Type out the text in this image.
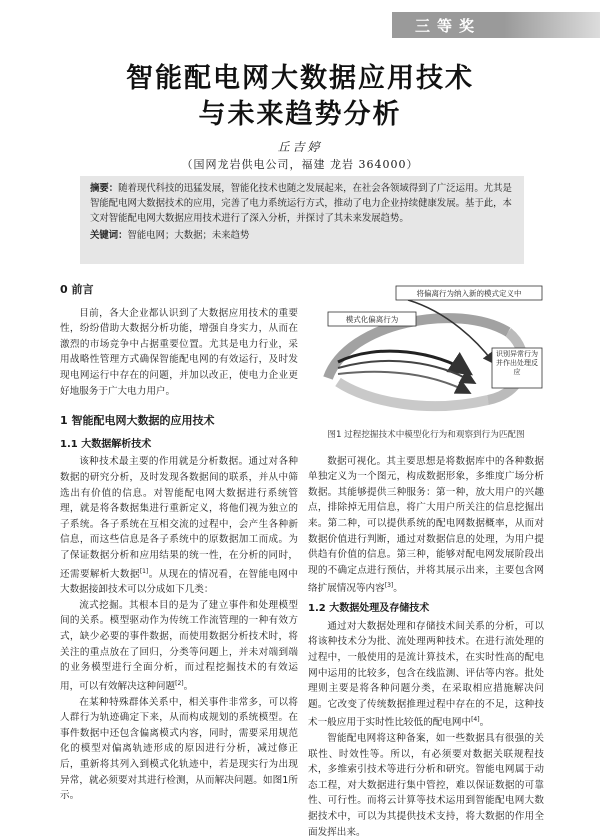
三等奖
智能配电网大数据应用技术
与未来趋势分析
丘吉婷
（国网龙岩供电公司，福建 龙岩 364000）
摘要：随着现代科技的迅猛发展，智能化技术也随之发展起来，在社会各领域得到了广泛运用。尤其是智能配电网大数据技术的应用，完善了电力系统运行方式，推动了电力企业持续健康发展。基于此，本文对智能配电网大数据应用技术进行了深入分析，并探讨了其未来发展趋势。
关键词：智能电网；大数据；未来趋势
0 前言
目前，各大企业都认识到了大数据应用技术的重要性，纷纷借助大数据分析功能，增强自身实力，从而在激烈的市场竞争中占据重要位置。尤其是电力行业，采用战略性管理方式确保智能配电网的有效运行，及时发现电网运行中存在的问题，并加以改正，使电力企业更好地服务于广大电力用户。
1 智能配电网大数据的应用技术
1.1 大数据解析技术
该种技术最主要的作用就是分析数据。通过对各种数据的研究分析，及时发现各数据间的联系，并从中筛选出有价值的信息。对智能配电网大数据进行系统管理，就是将各数据集进行重新定义，将他们视为独立的子系统。各子系统在互相交流的过程中，会产生各种新信息，而这些信息是各子系统中的原数据加工而成。为了保证数据分析和应用结果的统一性，在分析的同时，还需要解析大数据[1]。从现在的情况看，在智能电网中大数据接卸技术可以分成如下几类：
流式挖掘。其根本目的是为了建立事件和处理模型间的关系。模型驱动作为传统工作流管理的一种有效方式，缺少必要的事件数据，而使用数据分析技术时，将关注的重点放在了回归，分类等问题上，并未对端到端的业务模型进行全面分析，而过程挖掘技术的有效运用，可以有效解决这种问题[2]。
在某种特殊群体关系中，相关事件非常多，可以将人群行为轨迹确定下来，从而构成规划的系统模型。在事件数据中还包含偏离模式内容，同时，需要采用规范化的模型对偏离轨迹形成的原因进行分析，减过修正后，重新将其列入到模式化轨迹中，若是现实行为出现异常，就必须要对其进行检测，从而解决问题。如图1所示。
将偏离行为纳入新的模式定义中
模式化偏离行为
识别异常行为并作出处理反应
图1 过程挖掘技术中模型化行为和观察到行为匹配图
数据可视化。其主要思想是将数据库中的各种数据单独定义为一个图元，构成数据形象，多维度广场分析数据。其能够提供三种服务：第一种，放大用户的兴趣点，排除掉无用信息，将广大用户所关注的信息挖掘出来。第二种，可以提供系统的配电网数据概率，从而对数据价值进行判断，通过对数据信息的处理，为用户提供趋有价值的信息。第三种，能够对配电网发展阶段出现的不确定点进行预估，并将其展示出来，主要包含网络扩展情况等内容[3]。
1.2 大数据处理及存储技术
通过对大数据处理和存储技术间关系的分析，可以将该种技术分为批、流处理两种技术。在进行流处理的过程中，一般使用的是流计算技术，在实时性高的配电网中运用的比较多，包含在线监测、评估等内容。批处理则主要是将各种问题分类，在采取相应措施解决问题。它改变了传统数据推理过程中存在的不足，这种技术一般应用于实时性比较低的配电网中[4]。
智能配电网将这种备案，如一些数据具有很强的关联性、时效性等。所以，有必须要对数据关联规程技术，多维索引技术等进行分析和研究。智能电网属于动态工程，对大数据进行集中管控，难以保证数据的可靠性、可行性。而将云计算等技术运用到智能配电网大数据技术中，可以为其提供技术支持，将大数据的作用全面发挥出来。
